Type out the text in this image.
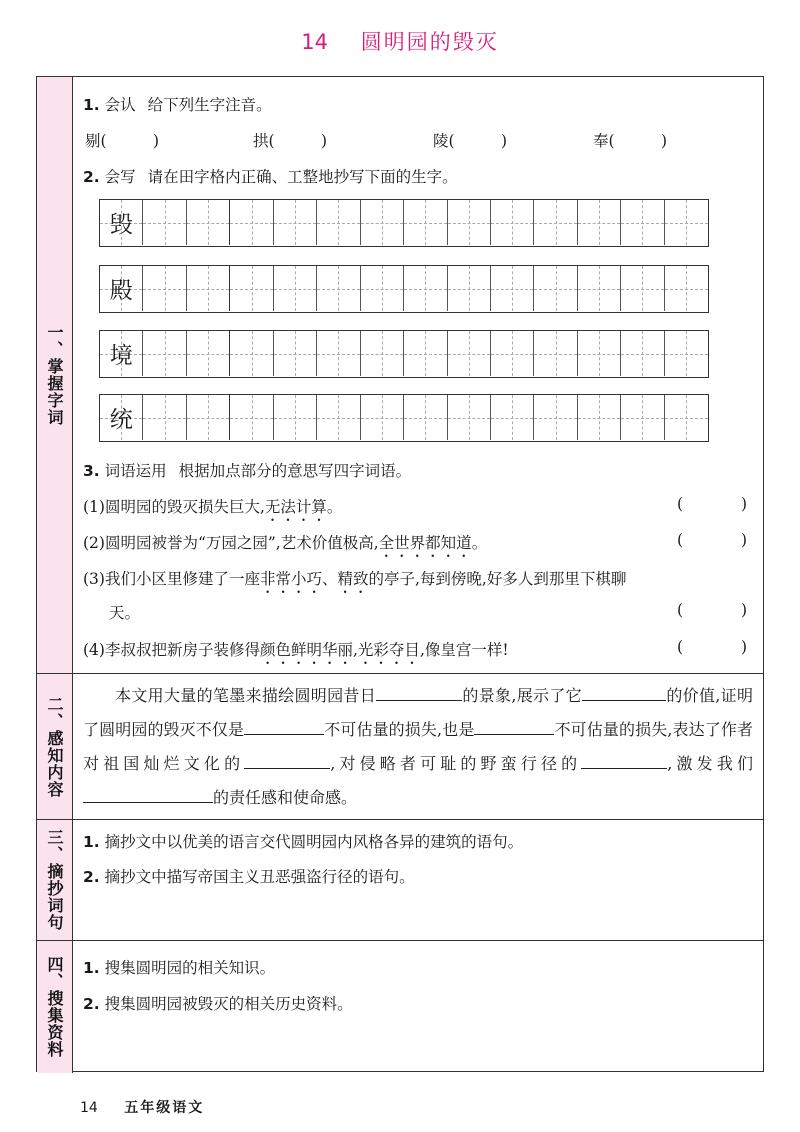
14 圆明园的毁灭
一、掌握字词
1. 会认 给下列生字注音。
剔(　　　)	拱(　　　)	陵(　　　)	奉(　　　)
2. 会写 请在田字格内正确、工整地抄写下面的生字。
毁
殿
境
统
3. 词语运用 根据加点部分的意思写四字词语。
(1)圆明园的毁灭损失巨大,无法计算。	(	)
(2)圆明园被誉为“万园之园”,艺术价值极高,全世界都知道。	(	)
(3)我们小区里修建了一座非常小巧、精致的亭子,每到傍晚,好多人到那里下棋聊
天。	(	)
(4)李叔叔把新房子装修得颜色鲜明华丽,光彩夺目,像皇宫一样!	(	)
二、感知内容	本文用大量的笔墨来描绘圆明园昔日	的景象,展示了它	的价值,证明了圆明园的毁灭不仅是	不可估量的损失,也是	不可估量的损失,表达了作者对祖国灿烂文化的	,对侵略者可耻的野蛮行径的	,激发我们的责任感和使命感。
三、摘抄词句 1. 摘抄文中以优美的语言交代圆明园内风格各异的建筑的语句。
2. 摘抄文中描写帝国主义丑恶强盗行径的语句。
四、搜集资料 1. 搜集圆明园的相关知识。
2. 搜集圆明园被毁灭的相关历史资料。
14 五年级语文
